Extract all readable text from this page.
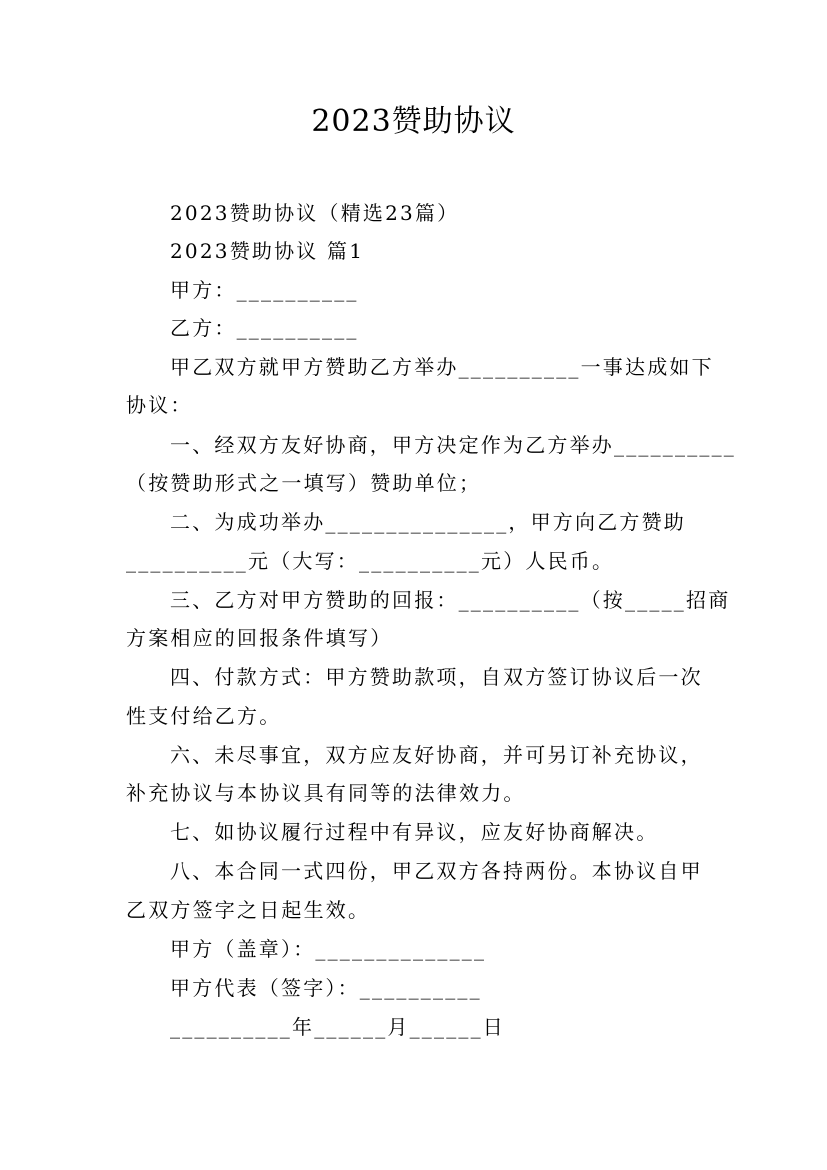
2023赞助协议
2023赞助协议（精选23篇）
2023赞助协议 篇1
甲方：__________
乙方：__________
甲乙双方就甲方赞助乙方举办__________一事达成如下
协议：
一、经双方友好协商，甲方决定作为乙方举办__________
（按赞助形式之一填写）赞助单位；
二、为成功举办_______________，甲方向乙方赞助
__________元（大写：__________元）人民币。
三、乙方对甲方赞助的回报：__________（按_____招商
方案相应的回报条件填写）
四、付款方式：甲方赞助款项，自双方签订协议后一次
性支付给乙方。
六、未尽事宜，双方应友好协商，并可另订补充协议，
补充协议与本协议具有同等的法律效力。
七、如协议履行过程中有异议，应友好协商解决。
八、本合同一式四份，甲乙双方各持两份。本协议自甲
乙双方签字之日起生效。
甲方（盖章）：______________
甲方代表（签字）：__________
__________年______月______日
